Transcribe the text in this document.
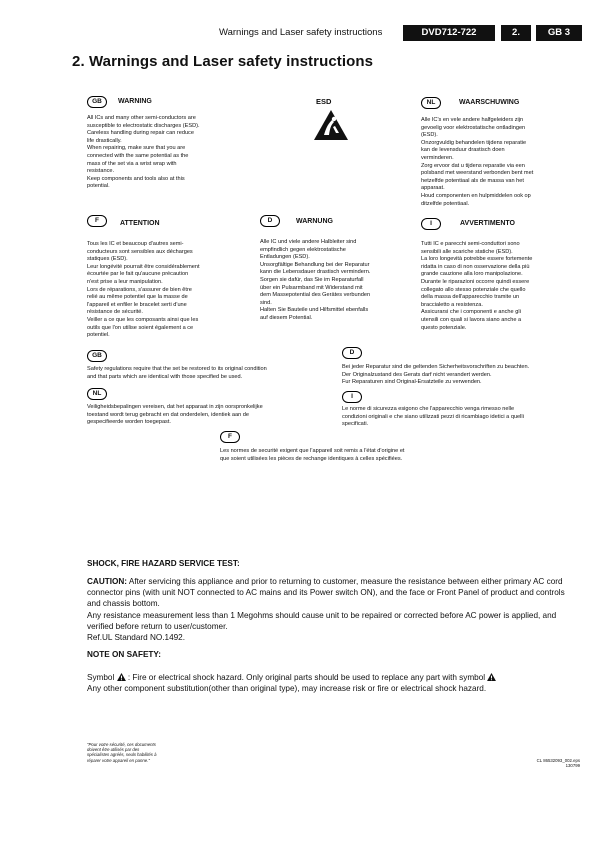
Warnings and Laser safety instructions	DVD712-722	2.	GB 3
2. Warnings and Laser safety instructions
ESD
GB	WARNING
All ICs and many other semi-conductors are
susceptible to electrostatic discharges (ESD).
Careless handling during repair can reduce
life drastically.
When repairing, make sure that you are
connected with the same potential as the
mass of the set via a wrist wrap with
resistance.
Keep components and tools also at this
potential.
NL	WAARSCHUWING
Alle IC's en vele andere halfgeleiders zijn
gevoelig voor elektrostatische ontladingen
(ESD).
Onzorgvuldig behandelen tijdens reparatie
kan de levensduur drastisch doen
verminderen.
Zorg ervoor dat u tijdens reparatie via een
polsband met weerstand verbonden bent met
hetzelfde potentiaal als de massa van het
apparaat.
Houd componenten en hulpmiddelen ook op
ditzelfde potentiaal.
F	ATTENTION
Tous les IC et beaucoup d'autres semi-
conducteurs sont sensibles aux décharges
statiques (ESD).
Leur longévité pourrait être considérablement
écourtée par le fait qu'aucune précaution
n'est prise a leur manipulation.
Lors de réparations, s'assurer de bien être
relié au même potentiel que la masse de
l'appareil et enfiler le bracelet serti d'une
résistance de sécurité.
Veiller a ce que les composants ainsi que les
outils que l'on utilise soient également a ce
potentiel.
D	WARNUNG
Alle IC und viele andere Halbleiter sind
empfindlich gegen elektrostatische
Entladungen (ESD).
Unsorgfältige Behandlung bei der Reparatur
kann die Lebensdauer drastisch vermindern.
Sorgen sie dafür, das Sie im Reparaturfall
über ein Pulsarmband mit Widerstand mit
dem Massepotential des Gerätes verbunden
sind.
Halten Sie Bauteile und Hilfsmittel ebenfalls
auf diesem Potential.
I	AVVERTIMENTO
Tutti IC e parecchi semi-conduttori sono
sensibili alle scariche statiche (ESD).
La loro longevità potrebbe essere fortemente
ridatta in caso di non osservazione della più
grande cauzione alla loro manipolazione.
Durante le riparazioni occorre quindi essere
collegato allo stesso potenziale che quello
della massa dell'apparecchio tramite un
braccialetto a resistenza.
Assicurarsi che i componenti e anche gli
utensili con quali si lavora siano anche a
questo potenziale.
GB
Safety regulations require that the set be restored to its original condition
and that parts which are identical with those specified be used.
NL
Veiligheidsbepalingen vereisen, dat het apparaat in zijn oorspronkelijke
toestand wordt terug gebracht en dat onderdelen, identiek aan de
gespecifieerde worden toegepast.
D
Bei jeder Reparatur sind die geltenden Sicherheitsvorschriften zu beachten.
Der Originalzustand des Gerats darf nicht verandert werden.
Fur Reparaturen sind Original-Ersatzteile zu verwenden.
I
Le norme di sicurezza esigono che l'apparecchio venga rimesso nelle
condizioni originali e che siano utilizzati pezzi di ricambiago idetici a quelli
specificati.
F
Les normes de securité exigent que l'appareil soit remis a l'état d'origine et
que soient utilisées les pièces de rechange identiques à celles spécifiées.
SHOCK, FIRE HAZARD SERVICE TEST:
CAUTION: After servicing this appliance and prior to returning to customer, measure the resistance between either primary AC cord connector pins (with unit NOT connected to AC mains and its Power switch ON), and the face or Front Panel of product and controls and chassis bottom.
Any resistance measurement less than 1 Megohms should cause unit to be repaired or corrected before AC power is applied, and verified before return to user/customer.
Ref.UL Standard NO.1492.
NOTE ON SAFETY:
Symbol  : Fire or electrical shock hazard. Only original parts should be used to replace any part with symbol
Any other component substitution(other than original type), may increase risk or fire or electrical shock hazard.
"Pour votre sécurité, ces documents
doivent être utilisés par des
spécialistes agréés, seuls habilités à
réparer votre appareil en panne."	CL 86532093_002.eps
130799
